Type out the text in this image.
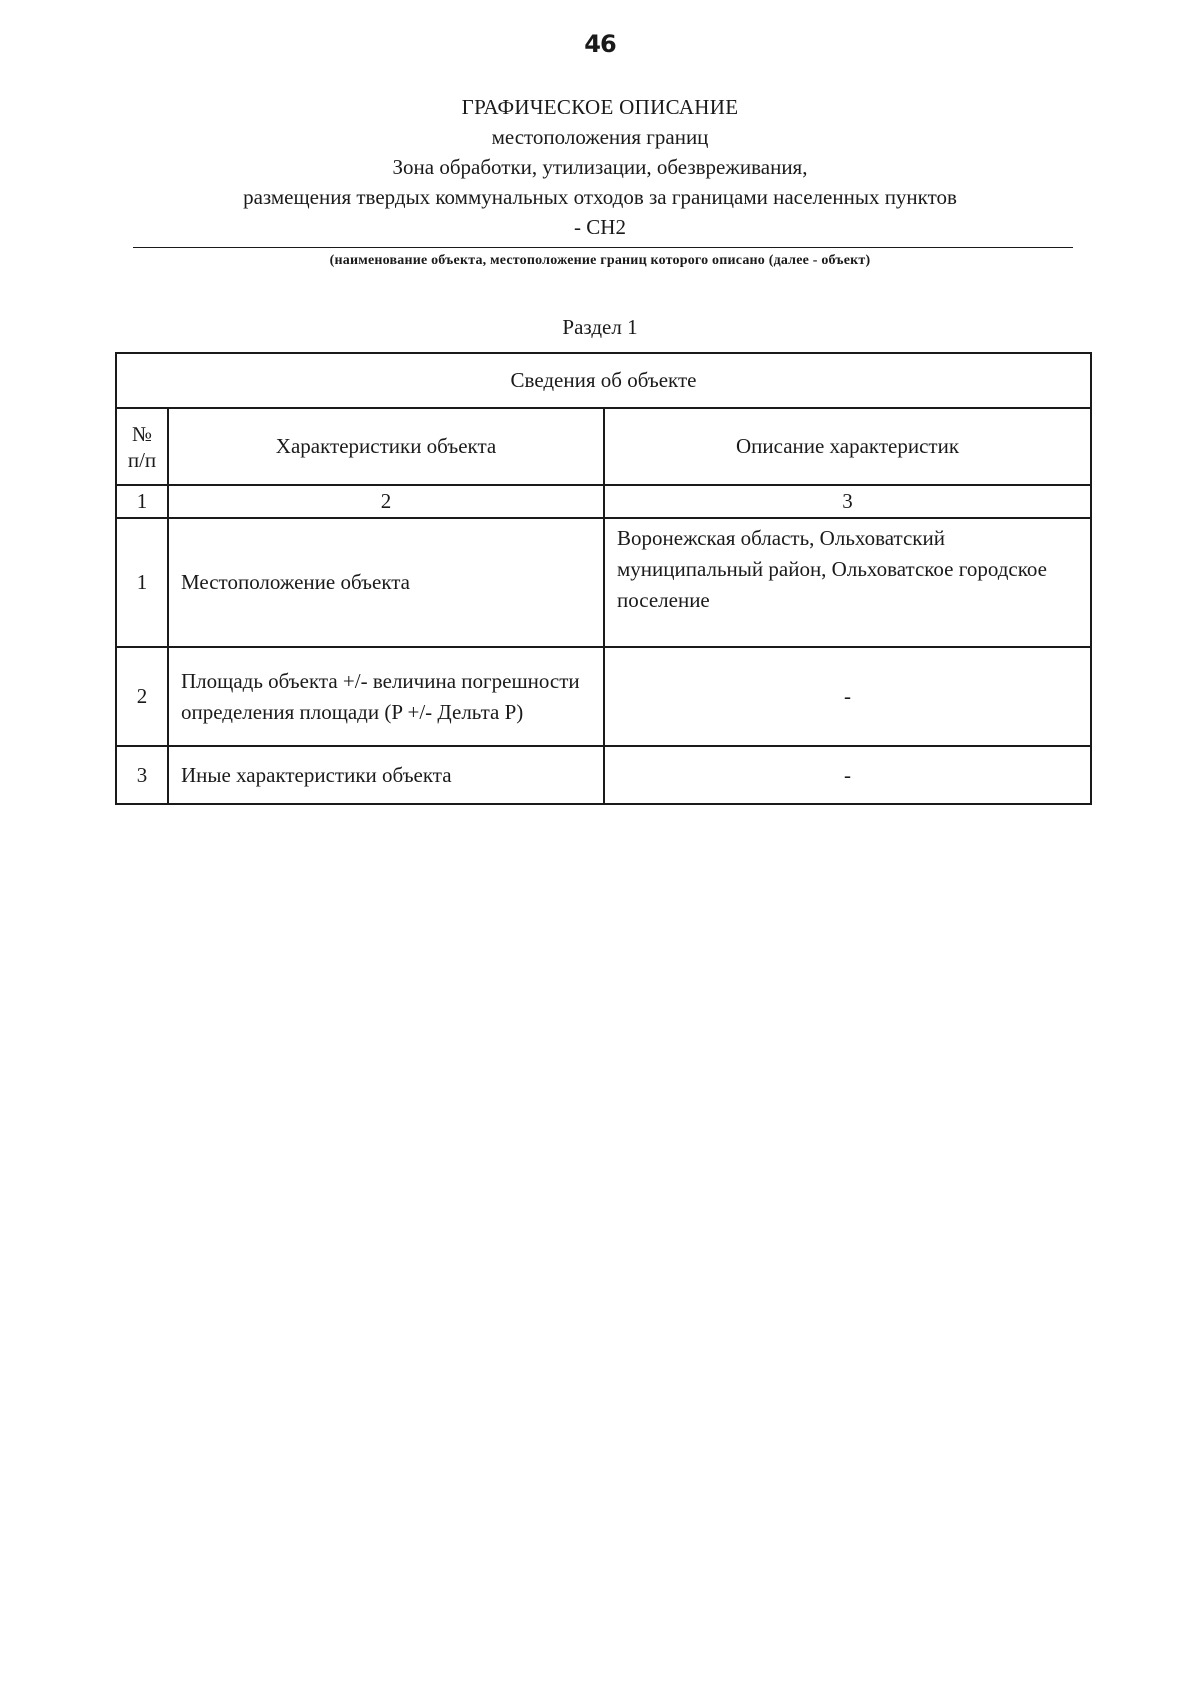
46
ГРАФИЧЕСКОЕ ОПИСАНИЕ
местоположения границ
Зона обработки, утилизации, обезвреживания,
размещения твердых коммунальных отходов за границами населенных пунктов
- СН2
(наименование объекта, местоположение границ которого описано (далее - объект)
Раздел 1
Сведения об объекте		
№
п/п	Характеристики объекта	Описание характеристик
1	2	3
1	Местоположение объекта	Воронежская область, Ольховатский муниципальный район, Ольховатское городское поселение
2	Площадь объекта +/- величина погрешности определения площади (P +/- Дельта P)	-
3	Иные характеристики объекта	-
